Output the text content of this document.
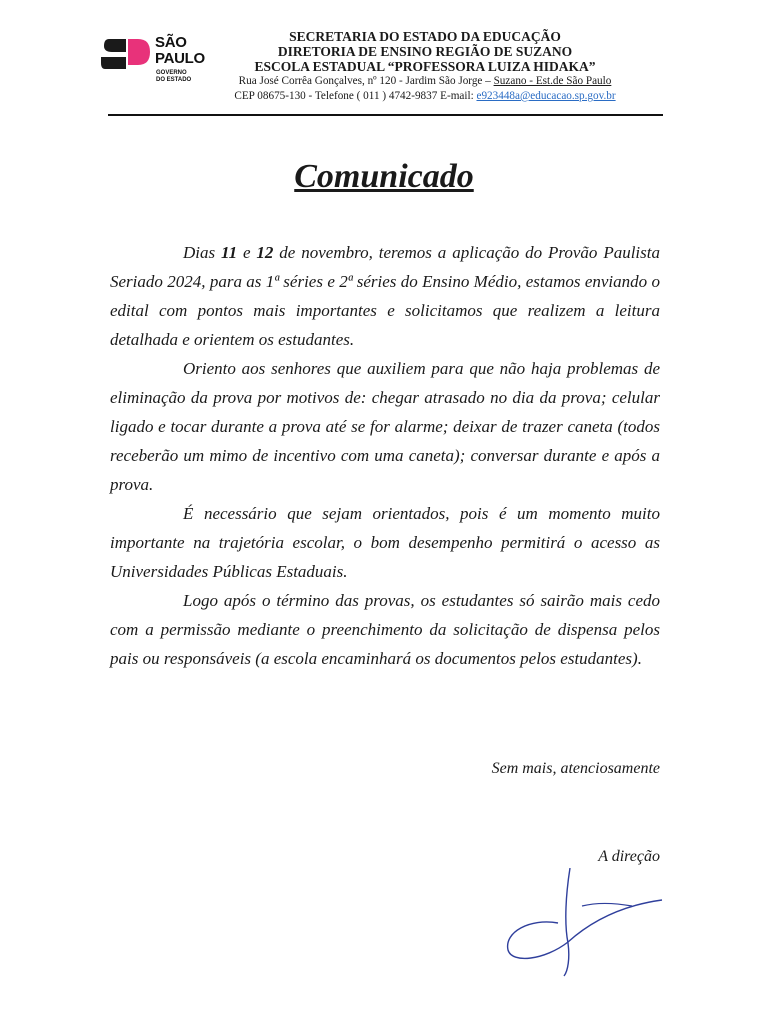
SÃO
PAULO
GOVERNO
DO ESTADO
SECRETARIA DO ESTADO DA EDUCAÇÃO
DIRETORIA DE ENSINO REGIÃO DE SUZANO
ESCOLA ESTADUAL “PROFESSORA LUIZA HIDAKA”
Rua José Corrêa Gonçalves, nº 120 - Jardim São Jorge – Suzano - Est.de São Paulo
CEP 08675-130 - Telefone ( 011 ) 4742-9837 E-mail: e923448a@educacao.sp.gov.br
Comunicado

Dias 11 e 12 de novembro, teremos a aplicação do Provão Paulista Seriado 2024, para as 1ª séries e 2ª séries do Ensino Médio, estamos enviando o edital com pontos mais importantes e solicitamos que realizem a leitura detalhada e orientem os estudantes.

Oriento aos senhores que auxiliem para que não haja problemas de eliminação da prova por motivos de: chegar atrasado no dia da prova; celular ligado e tocar durante a prova até se for alarme; deixar de trazer caneta (todos receberão um mimo de incentivo com uma caneta); conversar durante e após a prova.

É necessário que sejam orientados, pois é um momento muito importante na trajetória escolar, o bom desempenho permitirá o acesso as Universidades Públicas Estaduais.

Logo após o término das provas, os estudantes só sairão mais cedo com a permissão mediante o preenchimento da solicitação de dispensa pelos pais ou responsáveis (a escola encaminhará os documentos pelos estudantes).

Sem mais, atenciosamente
A direção
